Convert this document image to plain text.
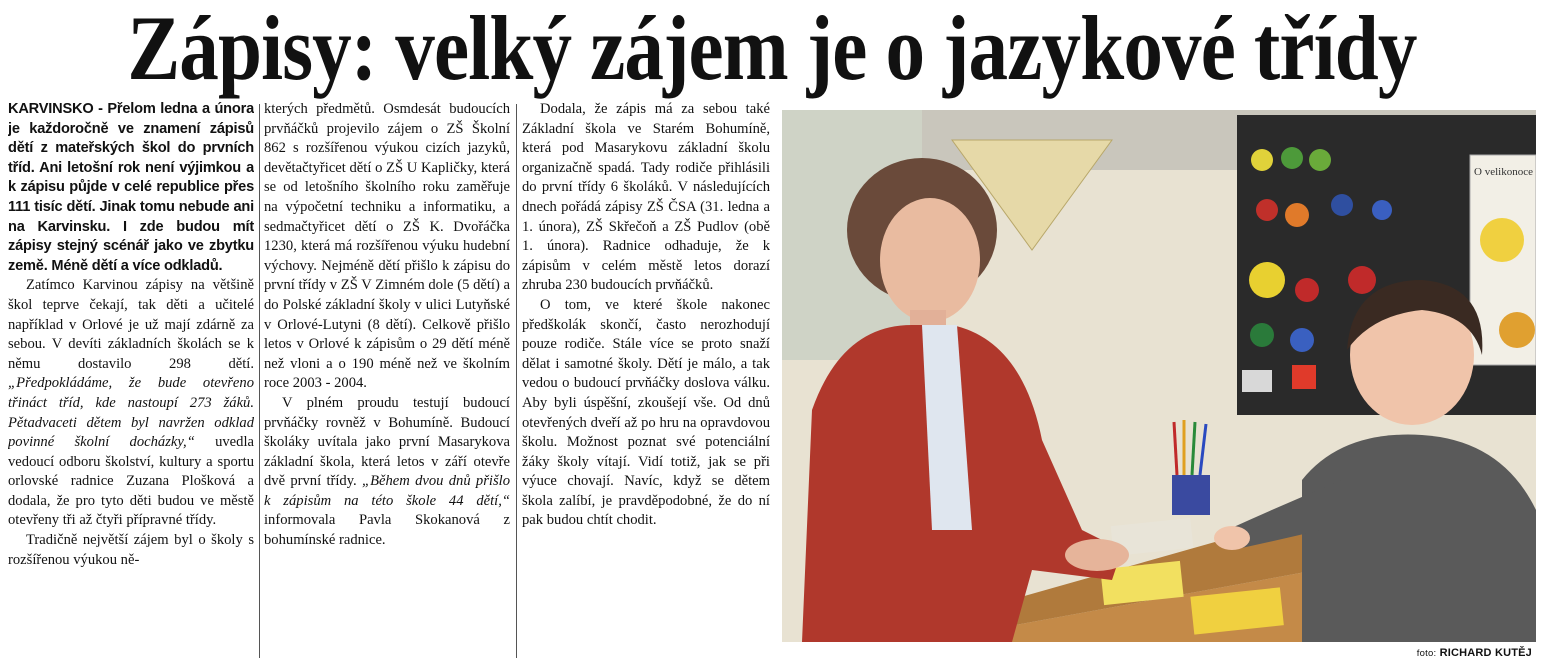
Zápisy: velký zájem je o jazykové třídy

KARVINSKO - Přelom ledna a února je každoročně ve znamení zápisů dětí z mateřských škol do prvních tříd. Ani letošní rok není výjimkou a k zápisu půjde v celé republice přes 111 tisíc dětí. Jinak tomu nebude ani na Karvinsku. I zde budou mít zápisy stejný scénář jako ve zbytku země. Méně dětí a více odkladů.

Zatímco Karvinou zápisy na většině škol teprve čekají, tak děti a učitelé například v Orlové je už mají zdárně za sebou. V devíti základních školách se k němu dostavilo 298 dětí. „Předpokládáme, že bude otevřeno třináct tříd, kde nastoupí 273 žáků. Pětadvaceti dětem byl navržen odklad povinné školní docházky,“ uvedla vedoucí odboru školství, kultury a sportu orlovské radnice Zuzana Plošková a dodala, že pro tyto děti budou ve městě otevřeny tři až čtyři přípravné třídy.

Tradičně největší zájem byl o školy s rozšířenou výukou ně-

kterých předmětů. Osmdesát budoucích prvňáčků projevilo zájem o ZŠ Školní 862 s rozšířenou výukou cizích jazyků, devětačtyřicet dětí o ZŠ U Kapličky, která se od letošního školního roku zaměřuje na výpočetní techniku a informatiku, a sedmačtyřicet dětí o ZŠ K. Dvořáčka 1230, která má rozšířenou výuku hudební výchovy. Nejméně dětí přišlo k zápisu do první třídy v ZŠ V Zimném dole (5 dětí) a do Polské základní školy v ulici Lutyňské v Orlové-Lutyni (8 dětí). Celkově přišlo letos v Orlové k zápisům o 29 dětí méně než vloni a o 190 méně než ve školním roce 2003 - 2004.

V plném proudu testují budoucí prvňáčky rovněž v Bohumíně. Budoucí školáky uvítala jako první Masarykova základní škola, která letos v září otevře dvě první třídy. „Během dvou dnů přišlo k zápisům na této škole 44 dětí,“ informovala Pavla Skokanová z bohumínské radnice.

Dodala, že zápis má za sebou také Základní škola ve Starém Bohumíně, která pod Masarykovu základní školu organizačně spadá. Tady rodiče přihlásili do první třídy 6 školáků. V následujících dnech pořádá zápisy ZŠ ČSA (31. ledna a 1. února), ZŠ Skřečoň a ZŠ Pudlov (obě 1. února). Radnice odhaduje, že k zápisům v celém městě letos dorazí zhruba 230 budoucích prvňáčků.

O tom, ve které škole nakonec předškolák skončí, často nerozhodují pouze rodiče. Stále více se proto snaží dělat i samotné školy. Dětí je málo, a tak vedou o budoucí prvňáčky doslova válku. Aby byli úspěšní, zkoušejí vše. Od dnů otevřených dveří až po hru na opravdovou školu. Možnost poznat své potenciální žáky školy vítají. Vidí totiž, jak se při výuce chovají. Navíc, když se dětem škola zalíbí, je pravděpodobné, že do ní pak budou chtít chodit.

O velikonoce
foto: RICHARD KUTĚJ
